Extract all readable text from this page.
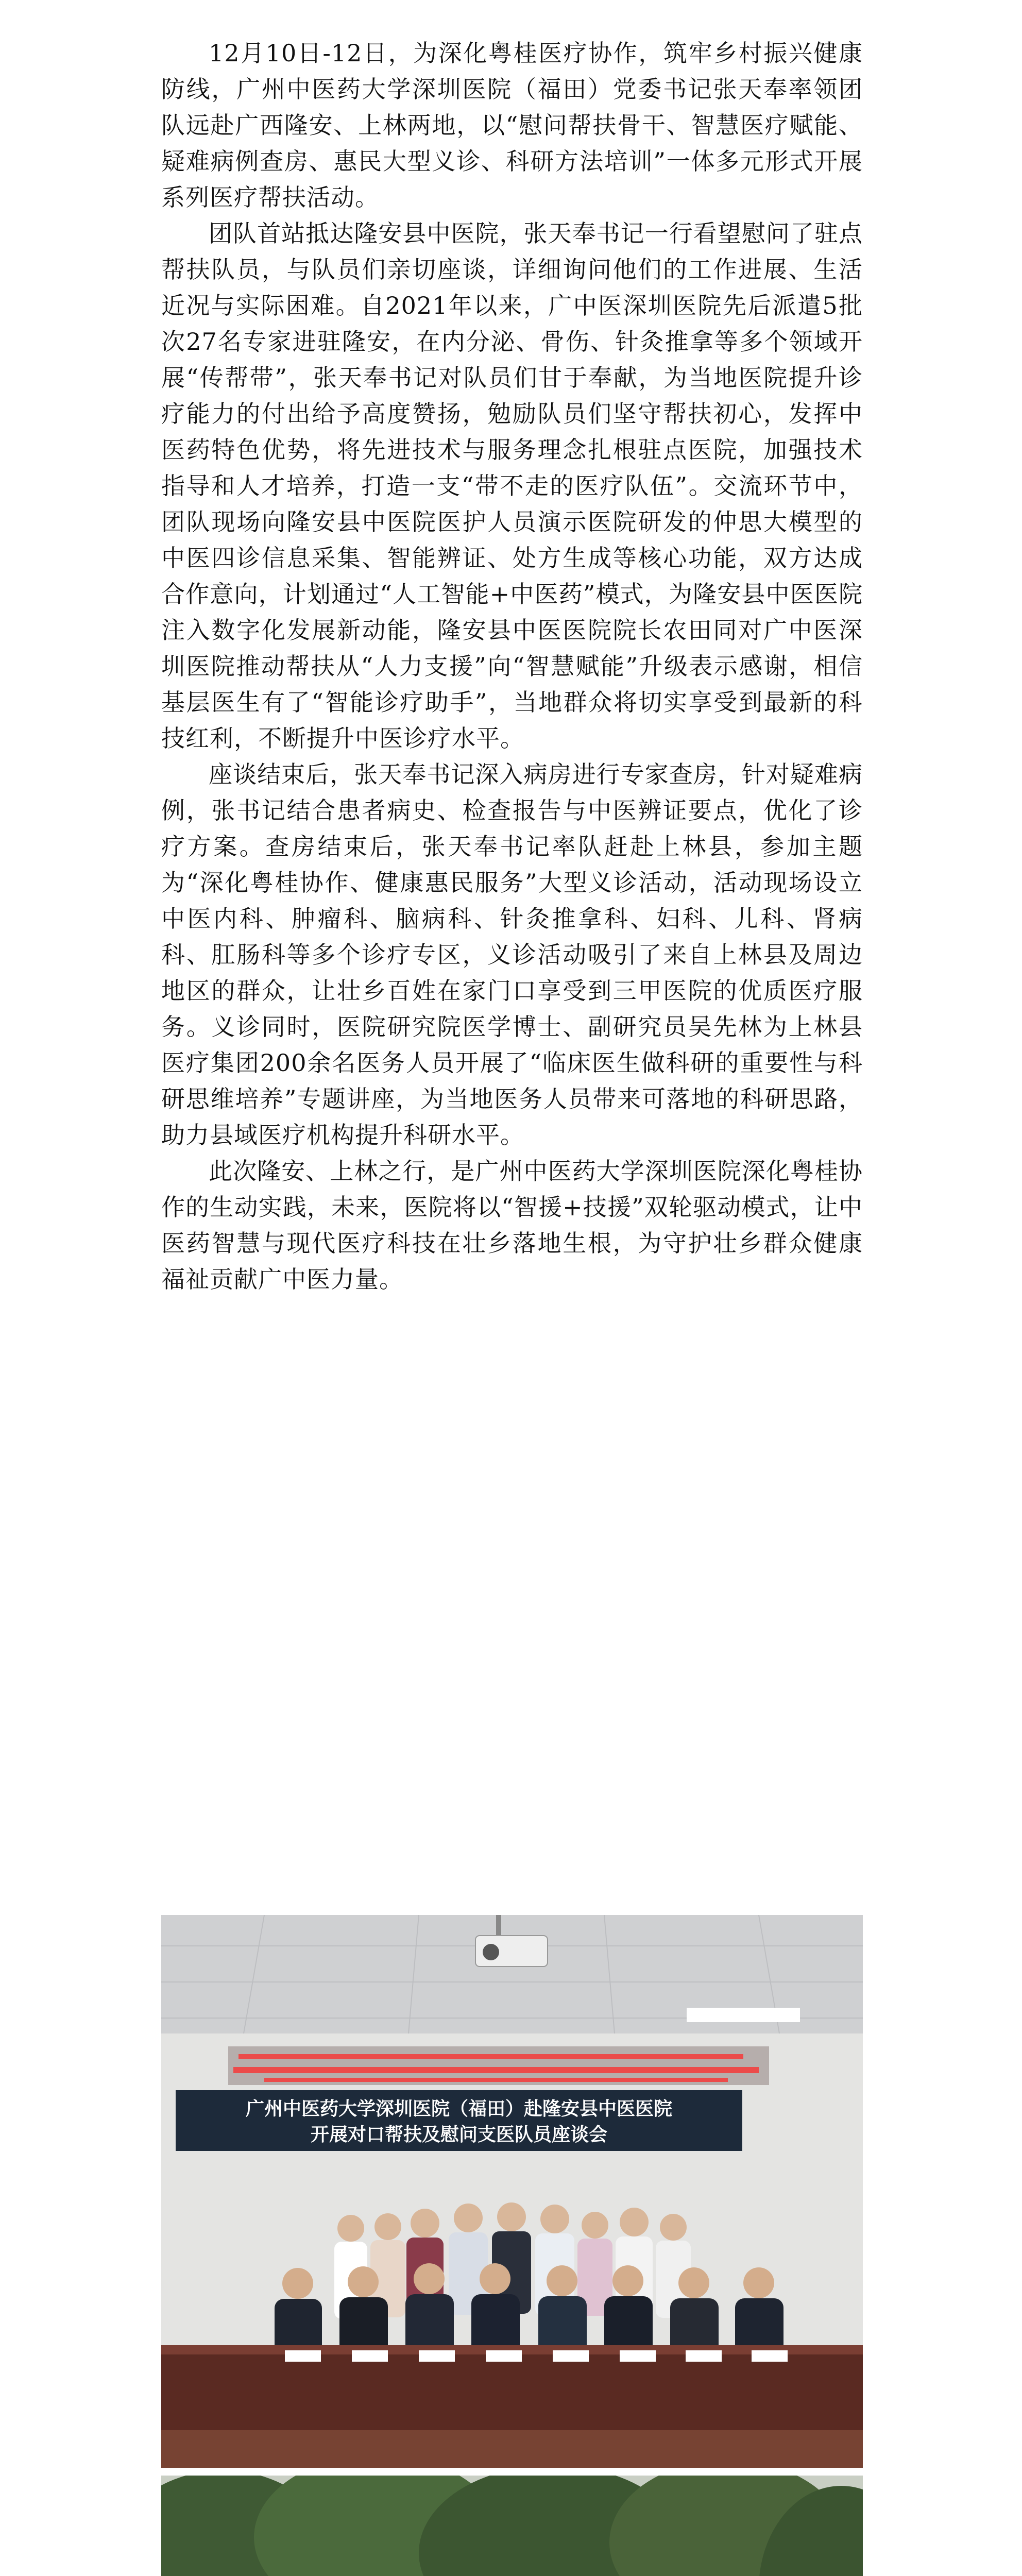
12月10日-12日，为深化粤桂医疗协作，筑牢乡村振兴健康防线，广州中医药大学深圳医院（福田）党委书记张天奉率领团队远赴广西隆安、上林两地，以“慰问帮扶骨干、智慧医疗赋能、疑难病例查房、惠民大型义诊、科研方法培训”一体多元形式开展系列医疗帮扶活动。

团队首站抵达隆安县中医院，张天奉书记一行看望慰问了驻点帮扶队员，与队员们亲切座谈，详细询问他们的工作进展、生活近况与实际困难。自2021年以来，广中医深圳医院先后派遣5批次27名专家进驻隆安，在内分泌、骨伤、针灸推拿等多个领域开展“传帮带”，张天奉书记对队员们甘于奉献，为当地医院提升诊疗能力的付出给予高度赞扬，勉励队员们坚守帮扶初心，发挥中医药特色优势，将先进技术与服务理念扎根驻点医院，加强技术指导和人才培养，打造一支“带不走的医疗队伍”。交流环节中，团队现场向隆安县中医院医护人员演示医院研发的仲思大模型的中医四诊信息采集、智能辨证、处方生成等核心功能，双方达成合作意向，计划通过“人工智能+中医药”模式，为隆安县中医医院注入数字化发展新动能，隆安县中医医院院长农田同对广中医深圳医院推动帮扶从“人力支援”向“智慧赋能”升级表示感谢，相信基层医生有了“智能诊疗助手”，当地群众将切实享受到最新的科技红利，不断提升中医诊疗水平。

座谈结束后，张天奉书记深入病房进行专家查房，针对疑难病例，张书记结合患者病史、检查报告与中医辨证要点，优化了诊疗方案。查房结束后，张天奉书记率队赶赴上林县，参加主题为“深化粤桂协作、健康惠民服务”大型义诊活动，活动现场设立中医内科、肿瘤科、脑病科、针灸推拿科、妇科、儿科、肾病科、肛肠科等多个诊疗专区，义诊活动吸引了来自上林县及周边地区的群众，让壮乡百姓在家门口享受到三甲医院的优质医疗服务。义诊同时，医院研究院医学博士、副研究员吴先林为上林县医疗集团200余名医务人员开展了“临床医生做科研的重要性与科研思维培养”专题讲座，为当地医务人员带来可落地的科研思路，助力县域医疗机构提升科研水平。

此次隆安、上林之行，是广州中医药大学深圳医院深化粤桂协作的生动实践，未来，医院将以“智援+技援”双轮驱动模式，让中医药智慧与现代医疗科技在壮乡落地生根，为守护壮乡群众健康福祉贡献广中医力量。

广州中医药大学深圳医院（福田）赴隆安县中医医院
开展对口帮扶及慰问支医队员座谈会
